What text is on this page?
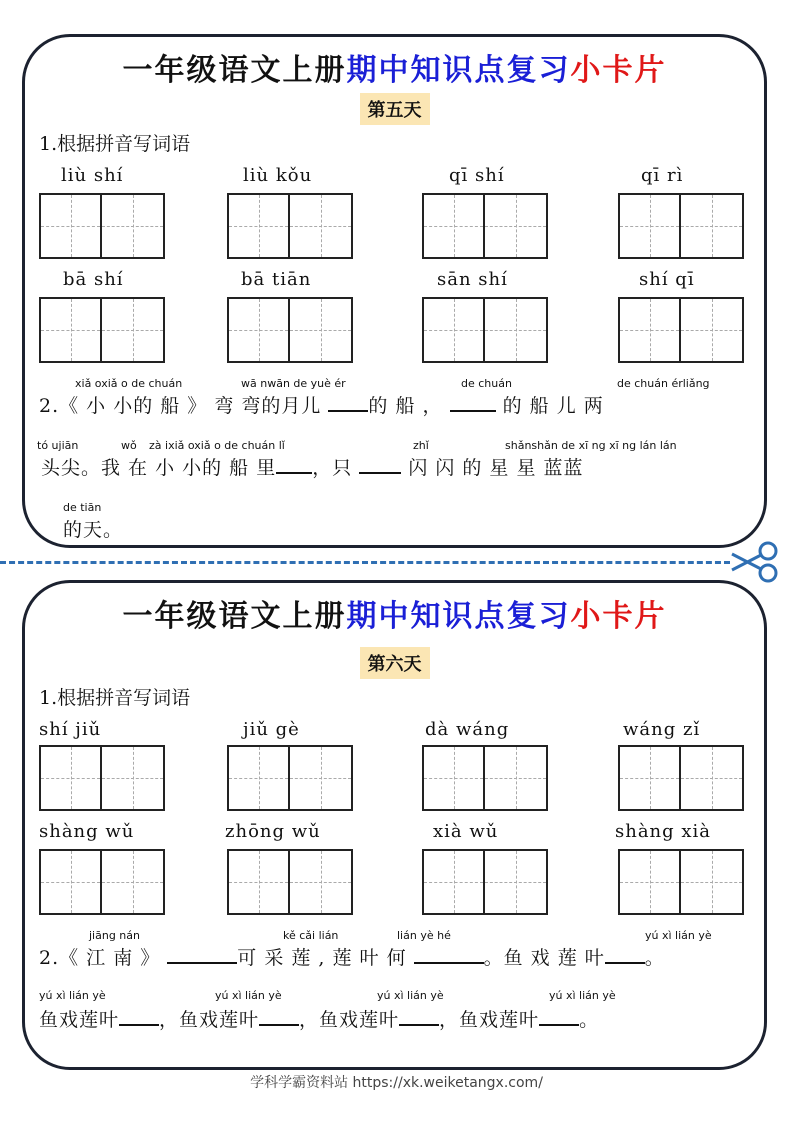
一年级语文上册期中知识点复习小卡片
第五天
1.根据拼音写词语
liù shí	liù kǒu	qī shí	qī rì
bā shí	bā tiān	sān shí	shí qī
xiǎ oxiǎ o de chuán	wā nwān de yuè ér	de chuán	de chuán érliǎng
2.《 小 小的 船 》 弯 弯的月儿 的 船 ，	的 船 儿 两
tó ujiān	wǒ zà ixiǎ oxiǎ o de chuán lǐ	zhǐ	shǎnshǎn de xī ng xī ng lán lán
头尖。我 在 小 小的 船 里 ，只	闪 闪 的 星 星 蓝蓝
de tiān
的天。
一年级语文上册期中知识点复习小卡片
第六天
1.根据拼音写词语
shí jiǔ	jiǔ gè	dà wáng	wáng zǐ
shàng wǔ	zhōng wǔ	xià wǔ	shàng xià
jiāng nán	kě cǎi lián	lián yè hé	yú xì lián yè
2.《 江 南 》	可 采 莲 , 莲 叶 何	。鱼 戏 莲 叶 。
yú xì lián yè	yú xì lián yè	yú xì lián yè	yú xì lián yè
鱼戏莲叶 ，鱼戏莲叶 ，鱼戏莲叶 ，鱼戏莲叶 。
学科学霸资料站 https://xk.weiketangx.com/
